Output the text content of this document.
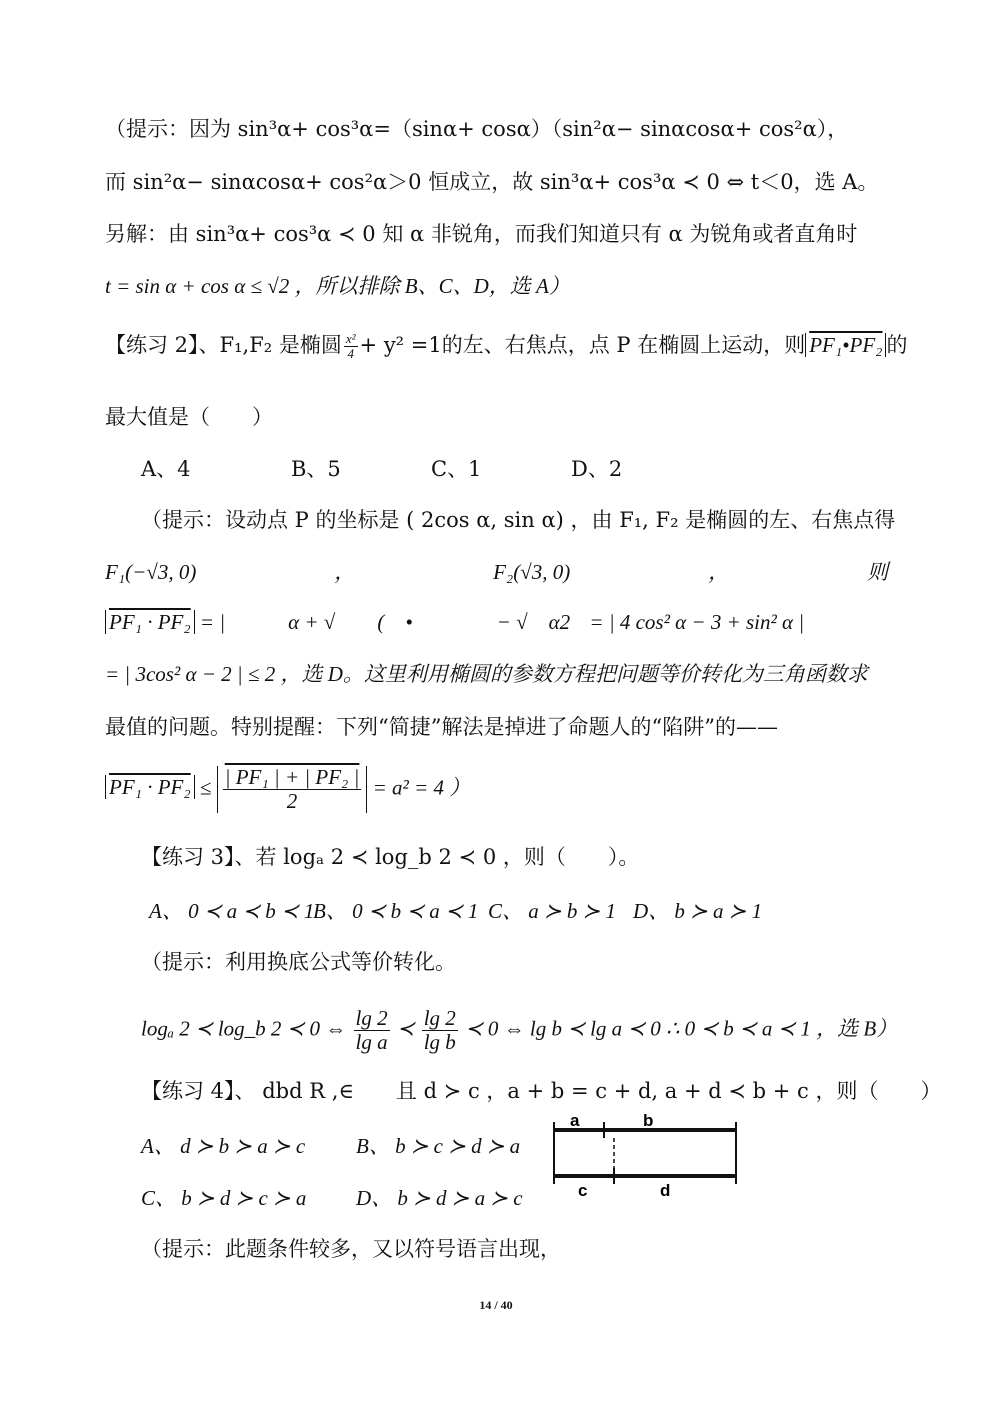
（提示：因为 sin³α+ cos³α=（sinα+ cosα）（sin²α− sinαcosα+ cos²α），
而 sin²α− sinαcosα+ cos²α＞0 恒成立，故 sin³α+ cos³α ≺ 0 ⇔ t＜0，选 A。
另解：由 sin³α+ cos³α ≺ 0 知 α 非锐角，而我们知道只有 α 为锐角或者直角时
t = sin α + cos α ≤ √2 ，所以排除 B、C、D，选 A）
【练习 2】、F₁,F₂ 是椭圆 $\frac{\text{x²}}{4} + y^2 =1$的左、右焦点，点 P 在椭圆上运动，则 PF₁•PF₂ 的
最大值是（　　）
A、4	B、5	C、1	D、2
（提示：设动点 P 的坐标是 ( 2cos α, sin α) ，由 F₁, F₂ 是椭圆的左、右焦点得
F₁(−√3, 0)	，	F₂(√3, 0)	，	则
PF₁ · PF₂ = |　　　α + √　　(　•　　　　− √　α2 = | 4 cos² α − 3 + sin² α |
= | 3cos² α − 2 | ≤ 2 ，选 D。这里利用椭圆的参数方程把问题等价转化为三角函数求
最值的问题。特别提醒：下列“简捷”解法是掉进了命题人的“陷阱”的——
$PF_1 \cdot PF_2 \le \frac{\text{| PF₁ | + | PF₂ |}}{2} = a^2 = 4$ ）
【练习 3】、若 logₐ 2 ≺ log_b 2 ≺ 0 ，则（　　）。
A、 0 ≺ a ≺ b ≺ 1
B、 0 ≺ b ≺ a ≺ 1 C、 a ≻ b ≻ 1 D、 b ≻ a ≻ 1
（提示：利用换底公式等价转化。
logₐ 2 ≺ log_b 2 ≺ 0 ⇔ $\frac{\lg 2}{\text{lg a}}$ ≺ $\frac{\lg 2}{\text{lg b}}$ ≺ 0 ⇔ lg b ≺ lg a ≺ 0 ∴ 0 ≺ b ≺ a ≺ 1 ，选 B）
【练习 4】、 dbd R ,∈　　且 d ≻ c ，a + b = c + d, a + d ≺ b + c ，则（　　）
A、 d ≻ b ≻ a ≻ c B、 b ≻ c ≻ d ≻ a
C、 b ≻ d ≻ c ≻ a D、 b ≻ d ≻ a ≻ c
a	b
c	d
（提示：此题条件较多，又以符号语言出现，
14 / 40
